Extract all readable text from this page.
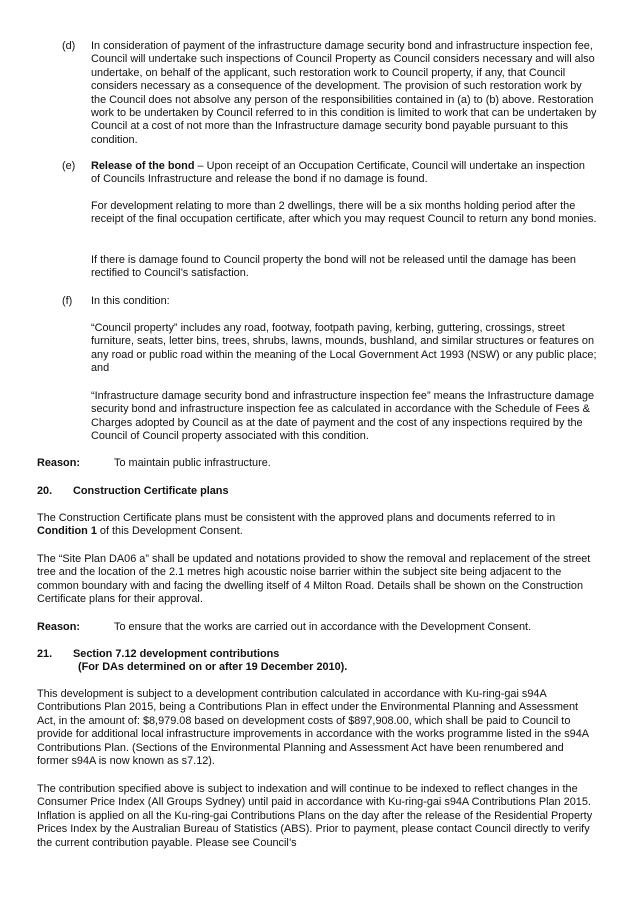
(d) In consideration of payment of the infrastructure damage security bond and infrastructure inspection fee, Council will undertake such inspections of Council Property as Council considers necessary and will also undertake, on behalf of the applicant, such restoration work to Council property, if any, that Council considers necessary as a consequence of the development. The provision of such restoration work by the Council does not absolve any person of the responsibilities contained in (a) to (b) above. Restoration work to be undertaken by Council referred to in this condition is limited to work that can be undertaken by Council at a cost of not more than the Infrastructure damage security bond payable pursuant to this condition.

(e) Release of the bond – Upon receipt of an Occupation Certificate, Council will undertake an inspection of Councils Infrastructure and release the bond if no damage is found.

For development relating to more than 2 dwellings, there will be a six months holding period after the receipt of the final occupation certificate, after which you may request Council to return any bond monies.

If there is damage found to Council property the bond will not be released until the damage has been rectified to Council’s satisfaction.

(f) In this condition:

“Council property” includes any road, footway, footpath paving, kerbing, guttering, crossings, street furniture, seats, letter bins, trees, shrubs, lawns, mounds, bushland, and similar structures or features on any road or public road within the meaning of the Local Government Act 1993 (NSW) or any public place; and

“Infrastructure damage security bond and infrastructure inspection fee” means the Infrastructure damage security bond and infrastructure inspection fee as calculated in accordance with the Schedule of Fees & Charges adopted by Council as at the date of payment and the cost of any inspections required by the Council of Council property associated with this condition.

Reason:	To maintain public infrastructure.
20. Construction Certificate plans

The Construction Certificate plans must be consistent with the approved plans and documents referred to in Condition 1 of this Development Consent.

The “Site Plan DA06 a” shall be updated and notations provided to show the removal and replacement of the street tree and the location of the 2.1 metres high acoustic noise barrier within the subject site being adjacent to the common boundary with and facing the dwelling itself of 4 Milton Road. Details shall be shown on the Construction Certificate plans for their approval.

Reason:	To ensure that the works are carried out in accordance with the Development Consent.
21. Section 7.12 development contributions
(For DAs determined on or after 19 December 2010).

This development is subject to a development contribution calculated in accordance with Ku-ring-gai s94A Contributions Plan 2015, being a Contributions Plan in effect under the Environmental Planning and Assessment Act, in the amount of: $8,979.08 based on development costs of $897,908.00, which shall be paid to Council to provide for additional local infrastructure improvements in accordance with the works programme listed in the s94A Contributions Plan. (Sections of the Environmental Planning and Assessment Act have been renumbered and former s94A is now known as s7.12).

The contribution specified above is subject to indexation and will continue to be indexed to reflect changes in the Consumer Price Index (All Groups Sydney) until paid in accordance with Ku-ring-gai s94A Contributions Plan 2015. Inflation is applied on all the Ku-ring-gai Contributions Plans on the day after the release of the Residential Property Prices Index by the Australian Bureau of Statistics (ABS). Prior to payment, please contact Council directly to verify the current contribution payable. Please see Council’s
